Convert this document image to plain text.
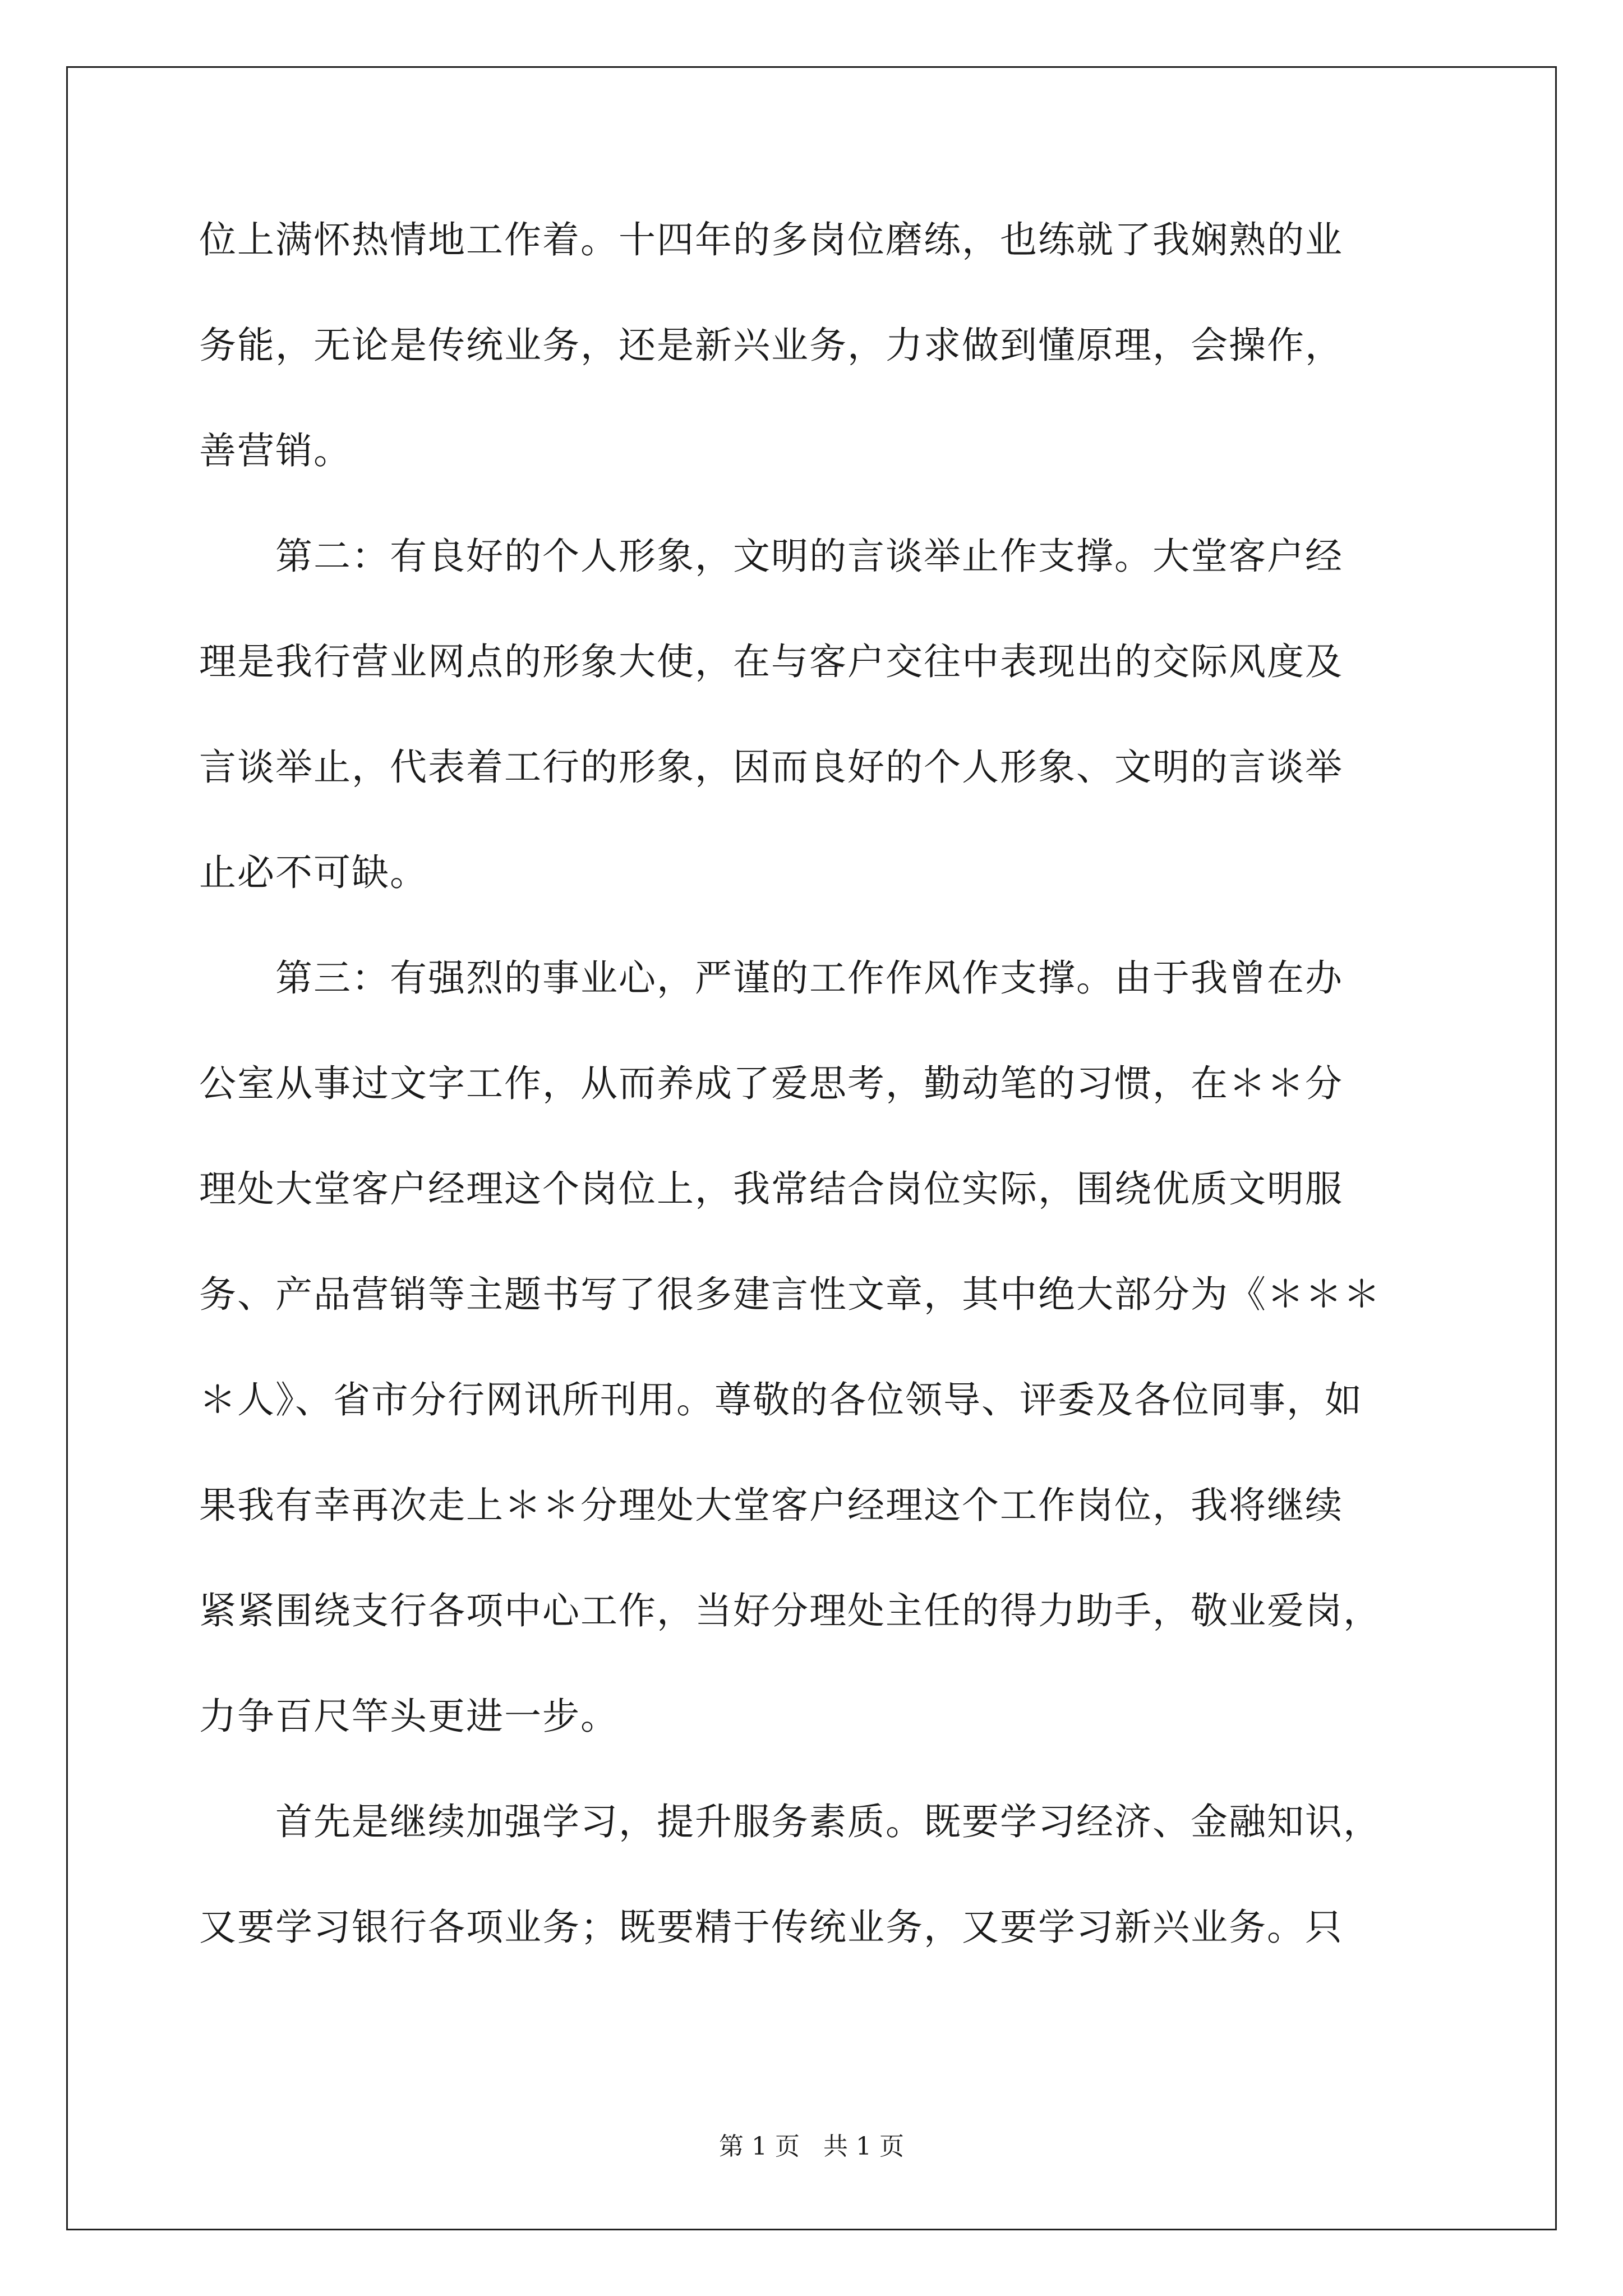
位上满怀热情地工作着。十四年的多岗位磨练，也练就了我娴熟的业
务能，无论是传统业务，还是新兴业务，力求做到懂原理，会操作，
善营销。
　　第二：有良好的个人形象，文明的言谈举止作支撑。大堂客户经
理是我行营业网点的形象大使，在与客户交往中表现出的交际风度及
言谈举止，代表着工行的形象，因而良好的个人形象、文明的言谈举
止必不可缺。
　　第三：有强烈的事业心，严谨的工作作风作支撑。由于我曾在办
公室从事过文字工作，从而养成了爱思考，勤动笔的习惯，在＊＊分
理处大堂客户经理这个岗位上，我常结合岗位实际，围绕优质文明服
务、产品营销等主题书写了很多建言性文章，其中绝大部分为《＊＊＊
＊人》、省市分行网讯所刊用。尊敬的各位领导、评委及各位同事，如
果我有幸再次走上＊＊分理处大堂客户经理这个工作岗位，我将继续
紧紧围绕支行各项中心工作，当好分理处主任的得力助手，敬业爱岗，
力争百尺竿头更进一步。
　　首先是继续加强学习，提升服务素质。既要学习经济、金融知识，
又要学习银行各项业务；既要精于传统业务，又要学习新兴业务。只
第 1 页   共 1 页
